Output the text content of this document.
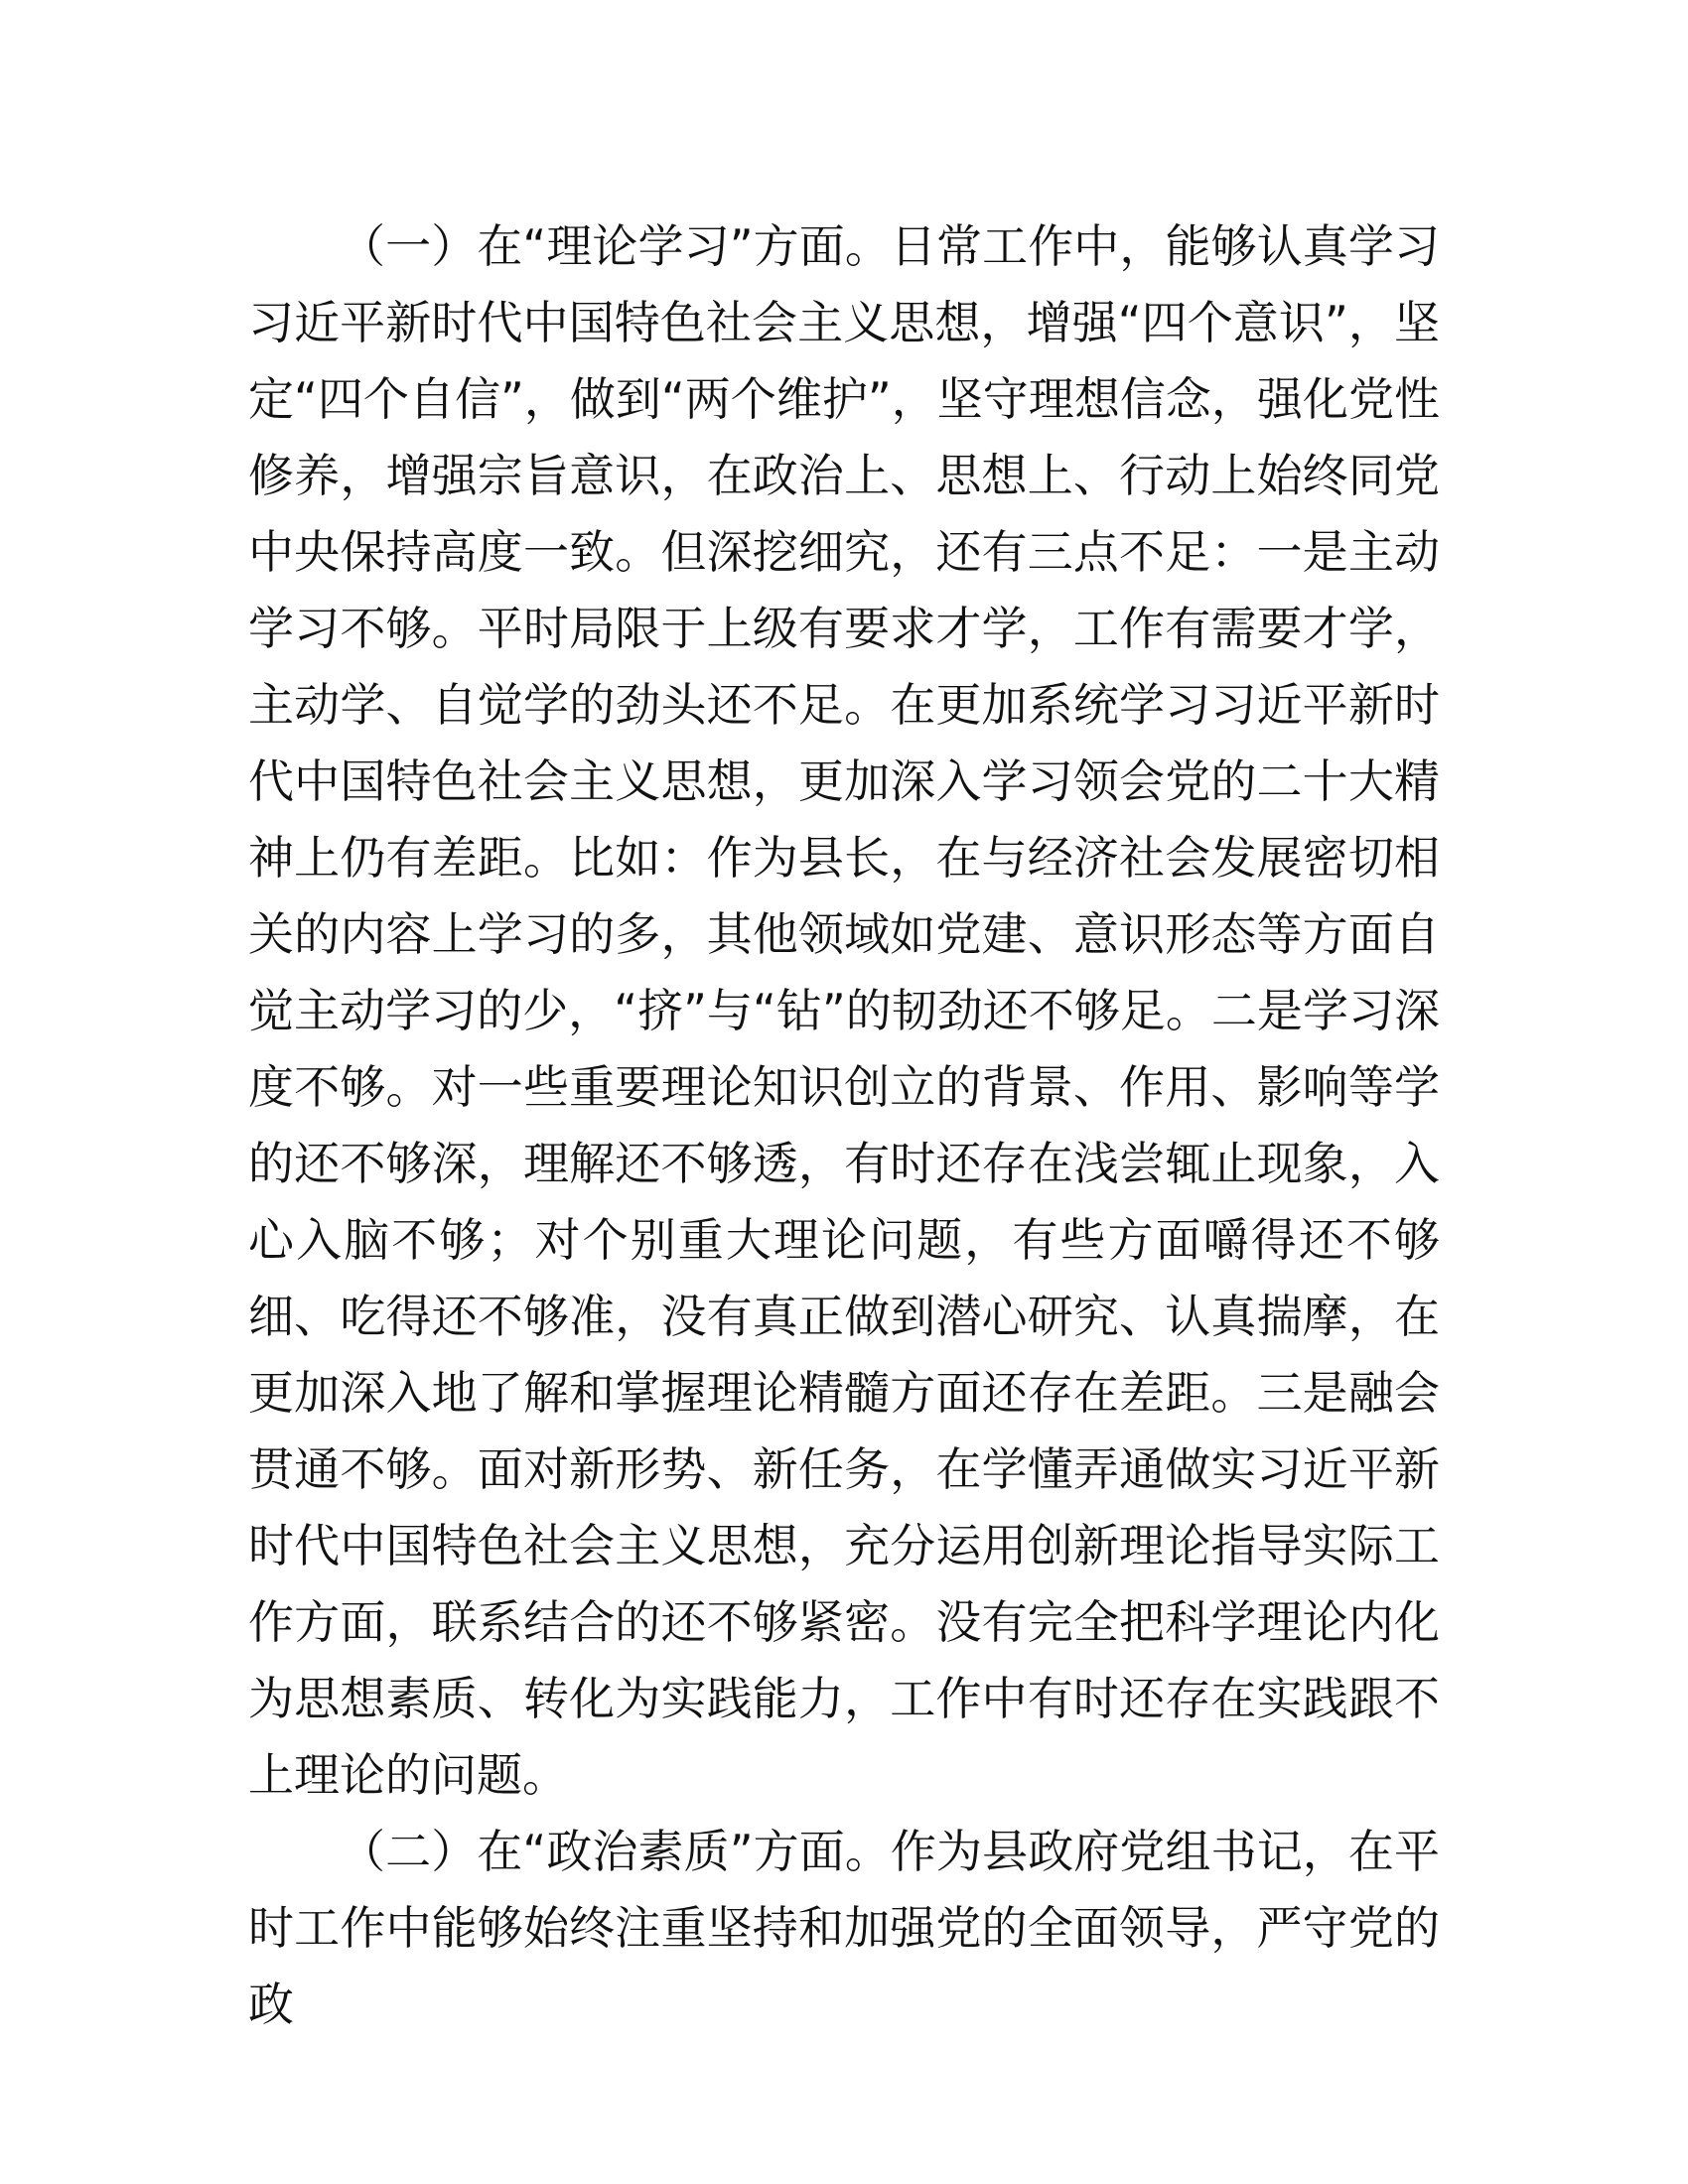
（一）在“理论学习”方面。日常工作中，能够认真学习习近平新时代中国特色社会主义思想，增强“四个意识”，坚定“四个自信”，做到“两个维护”，坚守理想信念，强化党性修养，增强宗旨意识，在政治上、思想上、行动上始终同党中央保持高度一致。但深挖细究，还有三点不足：一是主动学习不够。平时局限于上级有要求才学，工作有需要才学，主动学、自觉学的劲头还不足。在更加系统学习习近平新时代中国特色社会主义思想，更加深入学习领会党的二十大精神上仍有差距。比如：作为县长，在与经济社会发展密切相关的内容上学习的多，其他领域如党建、意识形态等方面自觉主动学习的少，“挤”与“钻”的韧劲还不够足。二是学习深度不够。对一些重要理论知识创立的背景、作用、影响等学的还不够深，理解还不够透，有时还存在浅尝辄止现象，入心入脑不够；对个别重大理论问题，有些方面嚼得还不够细、吃得还不够准，没有真正做到潜心研究、认真揣摩，在更加深入地了解和掌握理论精髓方面还存在差距。三是融会贯通不够。面对新形势、新任务，在学懂弄通做实习近平新时代中国特色社会主义思想，充分运用创新理论指导实际工作方面，联系结合的还不够紧密。没有完全把科学理论内化为思想素质、转化为实践能力，工作中有时还存在实践跟不上理论的问题。

（二）在“政治素质”方面。作为县政府党组书记，在平时工作中能够始终注重坚持和加强党的全面领导，严守党的政
